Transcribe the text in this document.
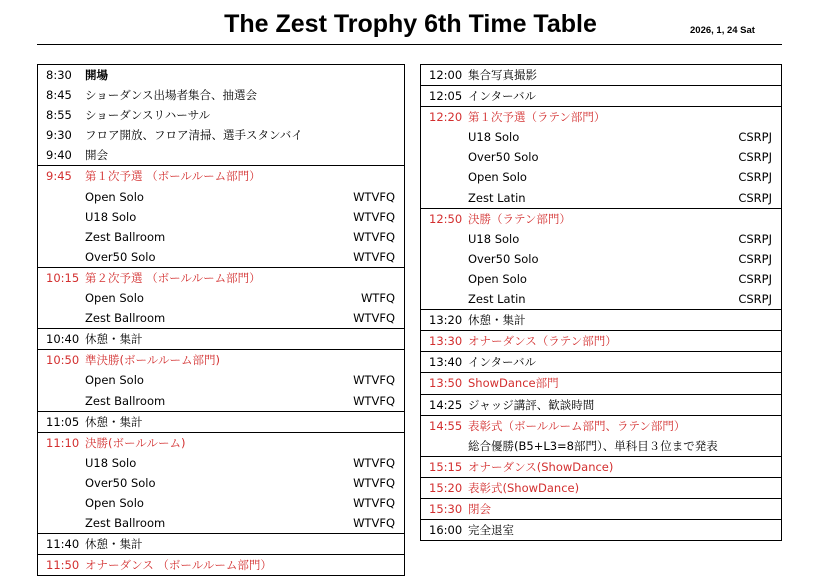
The Zest Trophy 6th Time Table	2026, 1, 24 Sat
8:30 開場
8:45 ショーダンス出場者集合、抽選会
8:55 ショーダンスリハーサル
9:30 フロア開放、フロア清掃、選手スタンバイ
9:40 開会
9:45 第１次予選 （ボールルーム部門）
Open Solo	WTVFQ
U18 Solo	WTVFQ
Zest Ballroom	WTVFQ
Over50 Solo	WTVFQ
10:15 第２次予選 （ボールルーム部門）
Open Solo	WTFQ
Zest Ballroom	WTVFQ
10:40 休憩・集計
10:50 準決勝(ボールルーム部門)
Open Solo	WTVFQ
Zest Ballroom	WTVFQ
11:05 休憩・集計
11:10 決勝(ボールルーム)
U18 Solo	WTVFQ
Over50 Solo	WTVFQ
Open Solo	WTVFQ
Zest Ballroom	WTVFQ
11:40 休憩・集計
11:50 オナーダンス （ボールルーム部門）
12:00 集合写真撮影
12:05 インターバル
12:20 第１次予選（ラテン部門）
U18 Solo	CSRPJ
Over50 Solo	CSRPJ
Open Solo	CSRPJ
Zest Latin	CSRPJ
12:50 決勝（ラテン部門）
U18 Solo	CSRPJ
Over50 Solo	CSRPJ
Open Solo	CSRPJ
Zest Latin	CSRPJ
13:20 休憩・集計
13:30 オナーダンス（ラテン部門）
13:40 インターバル
13:50 ShowDance部門
14:25 ジャッジ講評、歓談時間
14:55 表彰式（ボールルーム部門、ラテン部門）
総合優勝(B5+L3=8部門）、単科目３位まで発表
15:15 オナーダンス(ShowDance)
15:20 表彰式(ShowDance)
15:30 閉会
16:00 完全退室
